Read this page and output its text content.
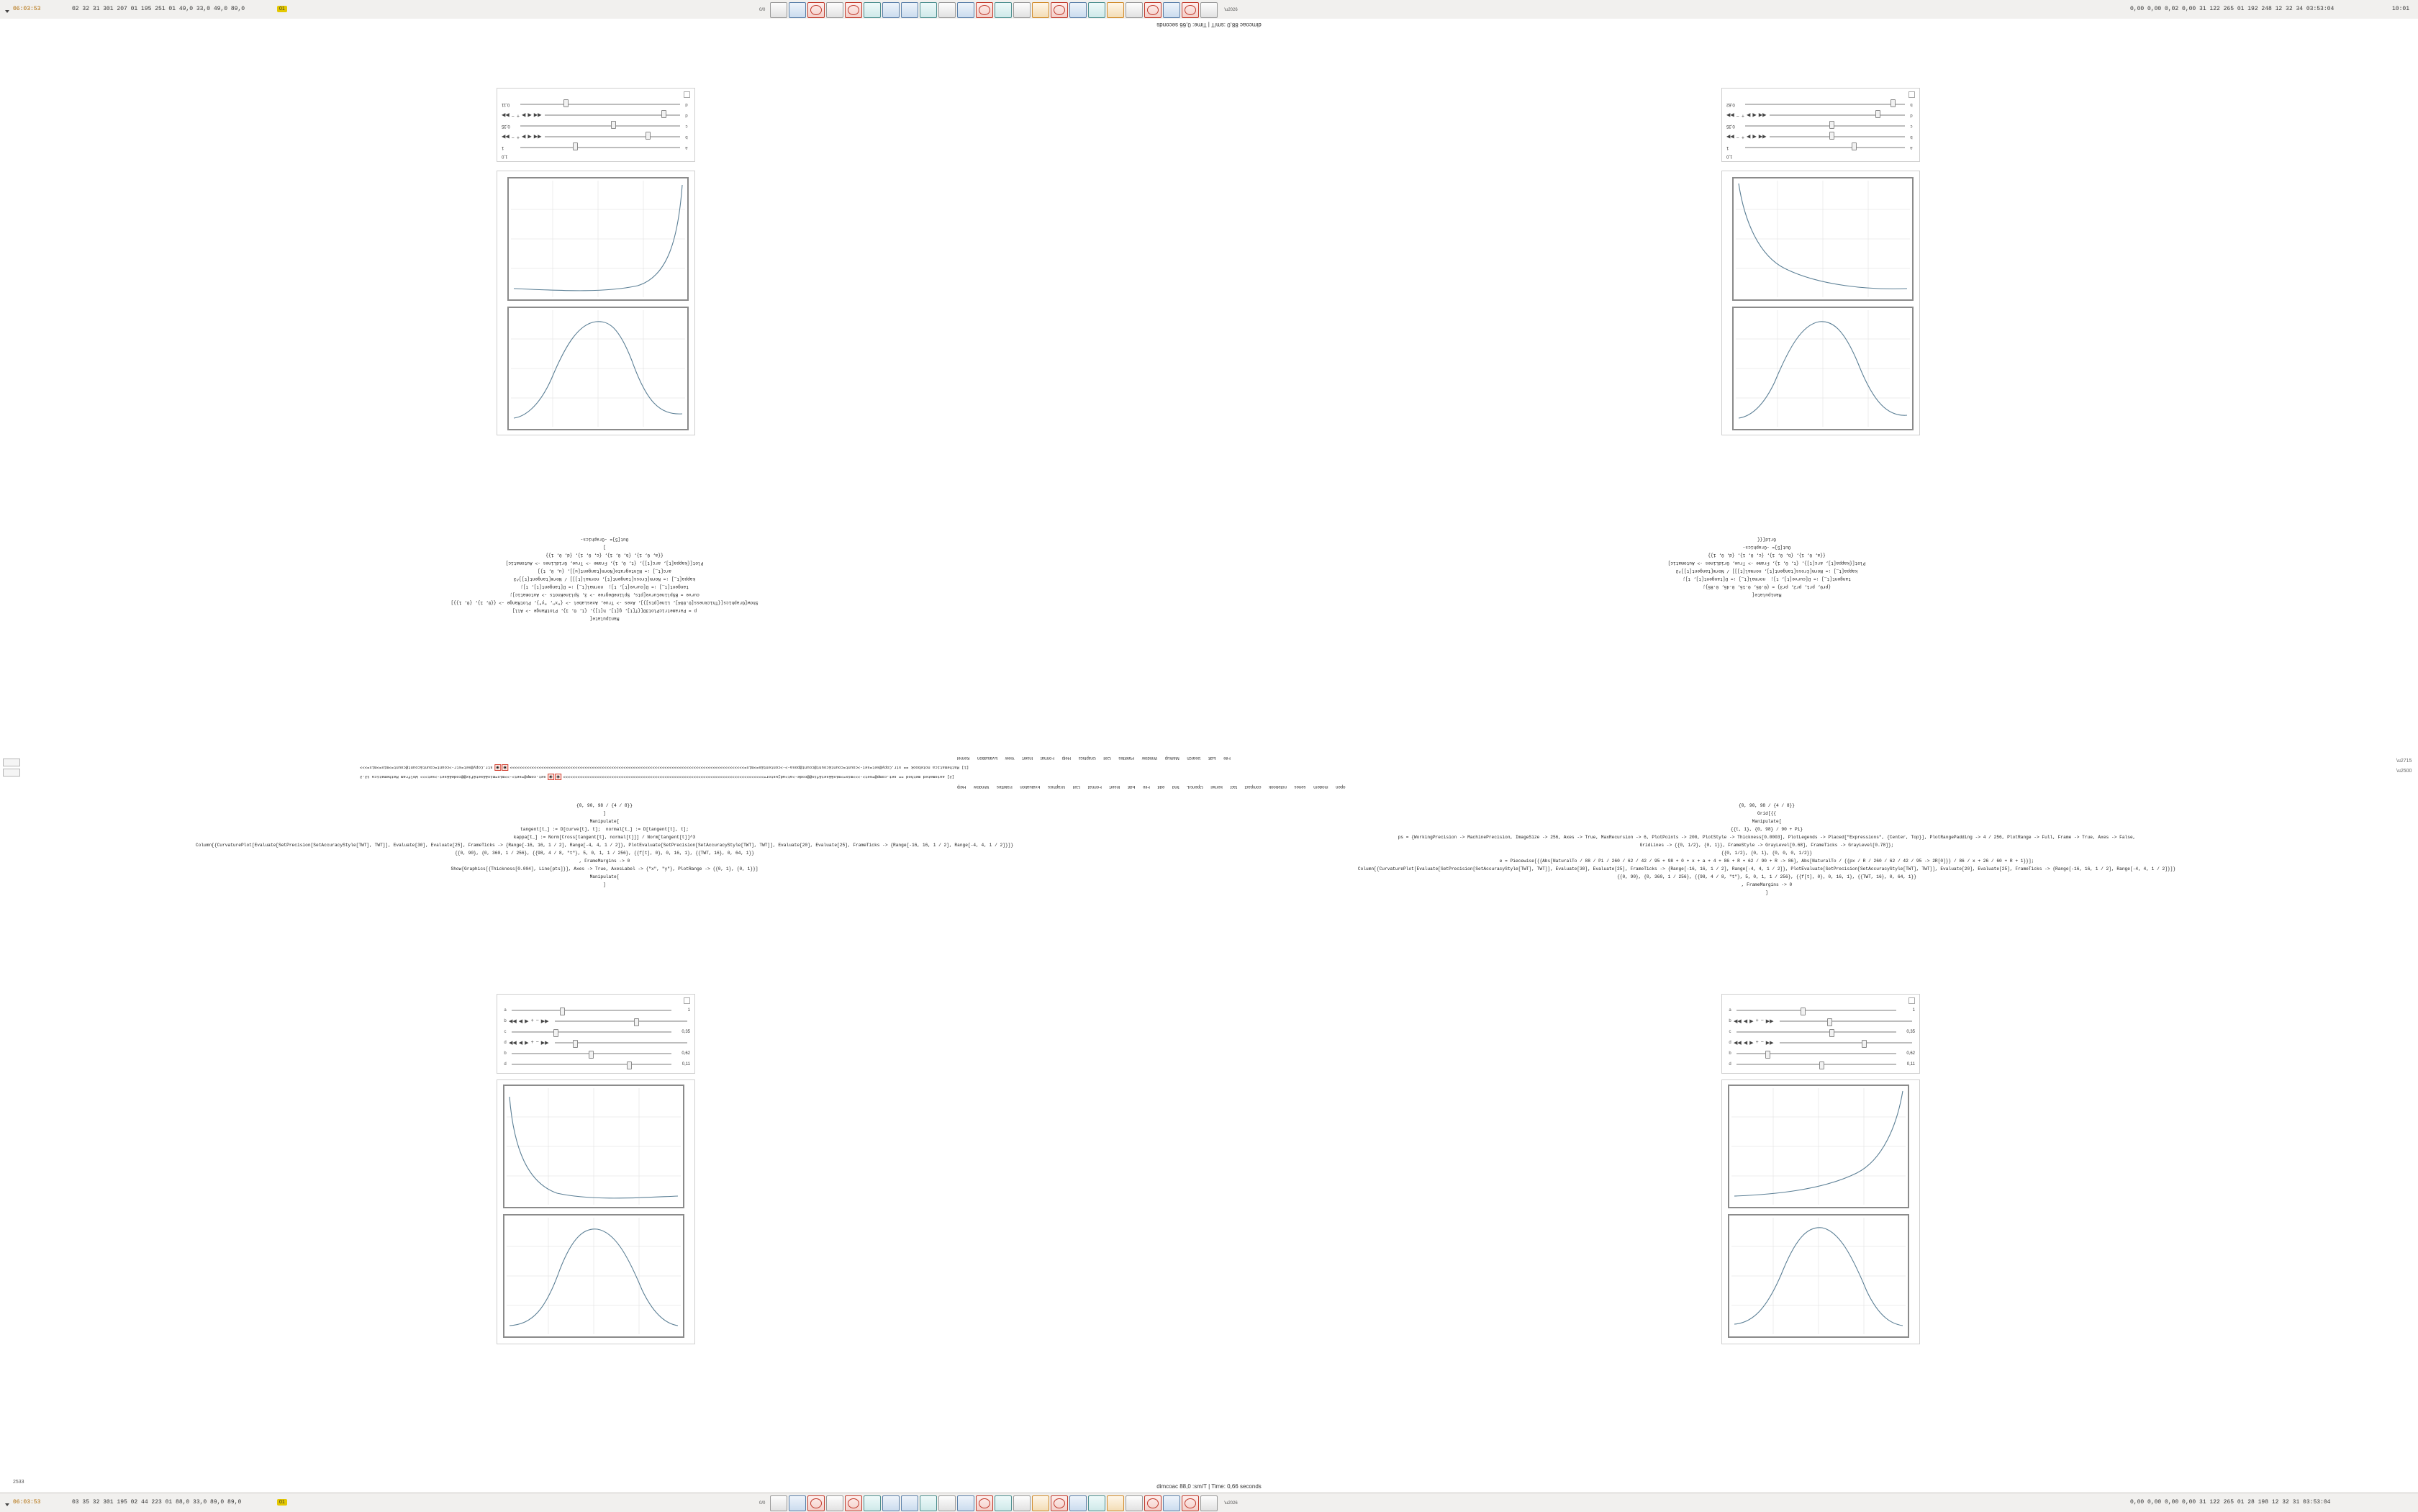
06:03:53	02 32 31 301 207 01 195 251 01 49,0 33,0 49,0 89,0	01	0/0	\u2026	0,00 0,00 0,02 0,00 31 122 265 01 192 248 12 32 34 03:53:04	10:01
dimcoac 88,0 :sm/T | Time: 0,66 seconds
1,0
a
1
b
◀◀
◀
▶
+
−
▶▶
c
0,35
d
◀◀
◀
▶
+
−
▶▶
d
0,11
1,0
a
1
b
◀◀
◀
▶
+
−
▶▶
c
0,35
d
◀◀
◀
▶
+
−
▶▶
b
0,62
Manipulate[
p = ParametricPlot3D[{f[t], g[t], h[t]}, {t, 0, 1}, PlotRange -> All]
Show[Graphics[{Thickness[0.004], Line[pts]}], Axes -> True, AxesLabel -> {"x", "y"}, PlotRange -> {{0, 1}, {0, 1}}]
curve = BSplineCurve[pts, SplineDegree -> 3, SplineKnots -> Automatic];
tangent[t_] := D[curve[t], t];  normal[t_] := D[tangent[t], t];
kappa[t_] := Norm[Cross[tangent[t], normal[t]]] / Norm[tangent[t]]^3
arc[t_] := NIntegrate[Norm[tangent[u]], {u, 0, t}]
Plot[{kappa[t], arc[t]}, {t, 0, 1}, Frame -> True, GridLines -> Automatic]
{{a, 0, 1}, {b, 0, 1}, {c, 0, 1}, {d, 0, 1}}
]
Out[5]= -Graphics-
Manipulate[
{pr0, pr1, pr2, pr3} = {0.05, 0.15, 0.45, 0.85};
tangent[t_] := D[curve[t], t];  normal[t_] := D[tangent[t], t];
kappa[t_] := Norm[Cross[tangent[t], normal[t]]] / Norm[tangent[t]]^3
Plot[{kappa[t], arc[t]}, {t, 0, 1}, Frame -> True, GridLines -> Automatic]
{{a, 0, 1}, {b, 0, 1}, {c, 0, 1}, {d, 0, 1}}
Out[5]= -Graphics-
Grid[{{
File Edit Search Markup Window Palettes Cell Graphics Help Format Insert View Evaluation Kernel
[1] Mathematica notebook == str.Copy@set=set->count=count&count@count@posa->->content&s=>mix=>>>>>>>>>>>>>>>>>>>>>>>>>>>>>>>>>>>>>>>>>>>>>>>>>>>>>>>>>>>>>>>>>>>>>>>>>>>>>>>>>>>>>>>>>>>>>>>>> ◉ ◉ str.Copy@set=str->count=count&count@count=>mix=>mix=>>>
[2] automated method == set.comp@=set>->>>mix=>mix&&set&fix@@code->at>adjustor=>>>>>>>>>>>>>>>>>>>>>>>>>>>>>>>>>>>>>>>>>>>>>>>>>>>>>>>>>>>>>>>>>>>>>>>>>>>>>>>>>>> ◉ ◉ set.comp@=set>->>mix=mix&&set&fix@@code&&set->set>>> Wolfram Mathematica 12.2
open modern series notebook compact fact kernel OpenGL find edit File Edit Insert Format Cell Graphics Evaluation Palettes Window Help
\u2715
\u2500
{0, 90, 98 / {4 / 8}}
]
Manipulate[
tangent[t_] := D[curve[t], t];  normal[t_] := D[tangent[t], t];
kappa[t_] := Norm[Cross[tangent[t], normal[t]]] / Norm[tangent[t]]^3
Column[{CurvaturePlot[Evaluate[SetPrecision[SetAccuracyStyle[TWT], TWT]], Evaluate[30], Evaluate[25], FrameTicks -> {Range[-16, 16, 1 / 2], Range[-4, 4, 1 / 2]}, PlotEvaluate[SetPrecision[SetAccuracyStyle[TWT], TWT]], Evaluate[20], Evaluate[25], FrameTicks -> {Range[-16, 16, 1 / 2], Range[-4, 4, 1 / 2]}]}
{{0, 90}, {0, 360, 1 / 256}, {{98, 4 / 8, "t"}, 5, 0, 1, 1 / 256}, {{f[t], 0}, 0, 16, 1}, {{TWT, 16}, 0, 64, 1}}
, FrameMargins -> 0
Show[Graphics[{Thickness[0.004], Line[pts]}], Axes -> True, AxesLabel -> {"x", "y"}, PlotRange -> {{0, 1}, {0, 1}}]
Manipulate[
]
{0, 90, 98 / {4 / 8}}
Grid[{{
Manipulate[
{{t, 1}, {0, 98} / 90 + Pi}
ps = {WorkingPrecision -> MachinePrecision, ImageSize -> 256, Axes -> True, MaxRecursion -> 6, PlotPoints -> 200, PlotStyle -> Thickness[0.0003], PlotLegends -> Placed["Expressions", {Center, Top}], PlotRangePadding -> 4 / 256, PlotRange -> Full, Frame -> True, Axes -> False,
GridLines -> {{0, 1/2}, {0, 1}}, FrameStyle -> GrayLevel[0.68], FrameTicks -> GrayLevel[0.78]};
{{0, 1/2}, {0, 1}, {0, 0, 0, 1/2}}
e = Piecewise[{{Abs[NaturalTo / 88 / Pi / 260 / 62 / 42 / 95 + 98 + 0 + x + a + 4 + 86 + R + 62 / 90 + R -> 86], Abs[NaturalTo / {{px / R / 260 / 62 / 42 / 95 -> 2R[0]}} / 86 / x + 26 / 60 + R + 1}}];
Column[{CurvaturePlot[Evaluate[SetPrecision[SetAccuracyStyle[TWT], TWT]], Evaluate[30], Evaluate[25], FrameTicks -> {Range[-16, 16, 1 / 2], Range[-4, 4, 1 / 2]}, PlotEvaluate[SetPrecision[SetAccuracyStyle[TWT], TWT]], Evaluate[20], Evaluate[25], FrameTicks -> {Range[-16, 16, 1 / 2], Range[-4, 4, 1 / 2]}]}
{{0, 90}, {0, 360, 1 / 256}, {{98, 4 / 8, "t"}, 5, 0, 1, 1 / 256}, {{f[t], 0}, 0, 16, 1}, {{TWT, 16}, 0, 64, 1}}
, FrameMargins -> 0
]
a	1
b ◀◀ ◀ ▶ + − ▶▶
c	0,35
d ◀◀ ◀ ▶ + − ▶▶
b	0,62
d	0,11
a	1
b ◀◀ ◀ ▶ + − ▶▶
c	0,35
d ◀◀ ◀ ▶ + − ▶▶
b	0,62
d	0,11
dimcoac 88,0 :sm/T | Time: 0,66 seconds
2533
06:03:53	03 35 32 301 195 02 44 223 01 88,0 33,0 89,0 89,0	01	0/0	\u2026	0,00 0,00 0,00 0,00 31 122 265 01 28 198 12 32 31 03:53:04
